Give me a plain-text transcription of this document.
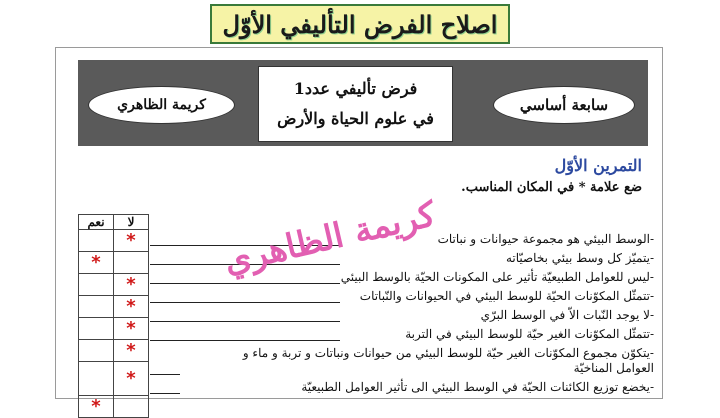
اصلاح الفرض التأليفي الأوّل
كريمة الظاهري
فرض تأليفي عدد1
في علوم الحياة والأرض
سابعة أساسي
التمرين الأوّل
ضع علامة * في المكان المناسب.
نعم	لا
	*
*	
	*
	*
	*
	*
	*
*	
-الوسط البيئي هو مجموعة حيوانات و نباتات
-يتميّز كل وسط بيئي بخاصيّاته
-ليس للعوامل الطبيعيّة تأثير على المكونات الحيّة بالوسط البيئي
-تتمثّل المكوّنات الحيّة للوسط البيئي في الحيوانات والنّباتات
-لا يوجد النّبات الاّ في الوسط البرّي
-تتمثّل المكوّنات الغير حيّة للوسط البيئي في التربة
-يتكوّن مجموع المكوّنات الغير حيّة للوسط البيئي من حيوانات ونباتات و تربة و ماء و
العوامل المناخيّة
-يخضع توزيع الكائنات الحيّة في الوسط البيئي الى تأثير العوامل الطبيعيّة
كريمة الظاهري
